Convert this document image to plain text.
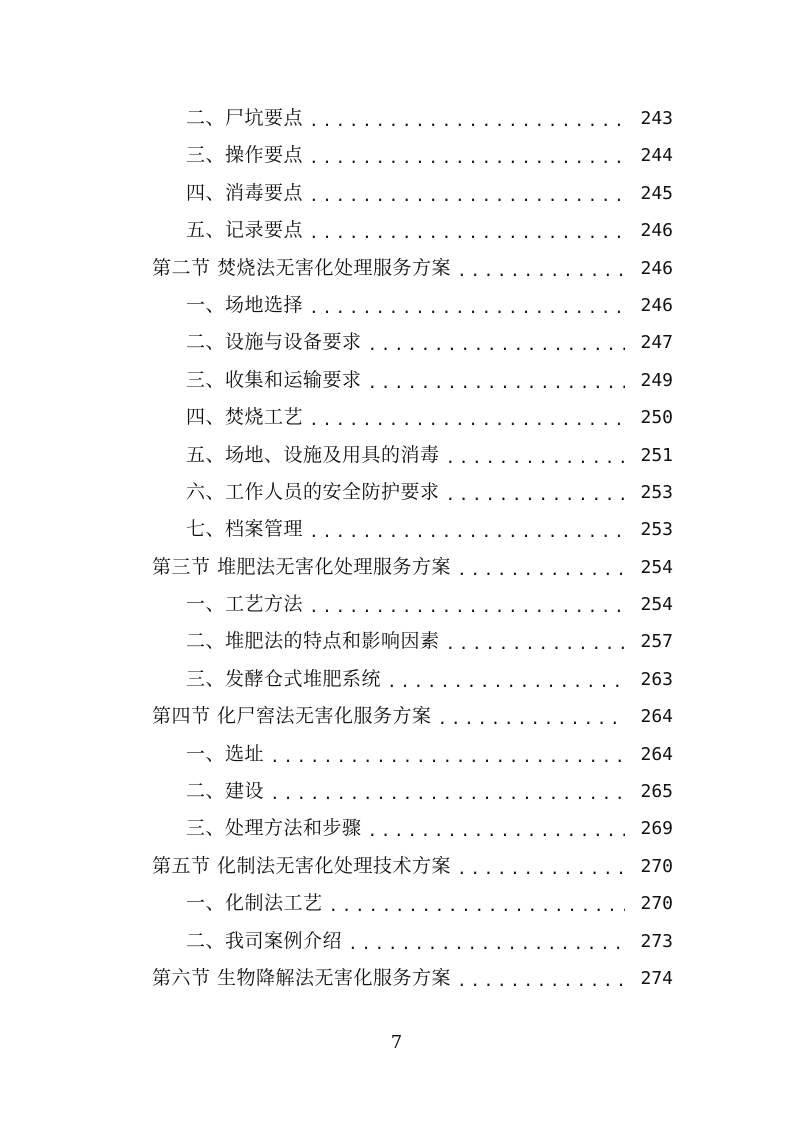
二、尸坑要点 . . .	243
三、操作要点 . . .	244
四、消毒要点 . . .	245
五、记录要点 . . .	246
第二节 焚烧法无害化处理服务方案 . . .	246
一、场地选择 . . .	246
二、设施与设备要求 . . .	247
三、收集和运输要求 . . .	249
四、焚烧工艺 . . .	250
五、场地、设施及用具的消毒 . . .	251
六、工作人员的安全防护要求 . . .	253
七、档案管理 . . .	253
第三节 堆肥法无害化处理服务方案 . . .	254
一、工艺方法 . . .	254
二、堆肥法的特点和影响因素 . . .	257
三、发酵仓式堆肥系统 . . .	263
第四节 化尸窖法无害化服务方案 . . .	264
一、选址 . . .	264
二、建设 . . .	265
三、处理方法和步骤 . . .	269
第五节 化制法无害化处理技术方案 . . .	270
一、化制法工艺 . . .	270
二、我司案例介绍 . . .	273
第六节 生物降解法无害化服务方案 . . .	274
7
